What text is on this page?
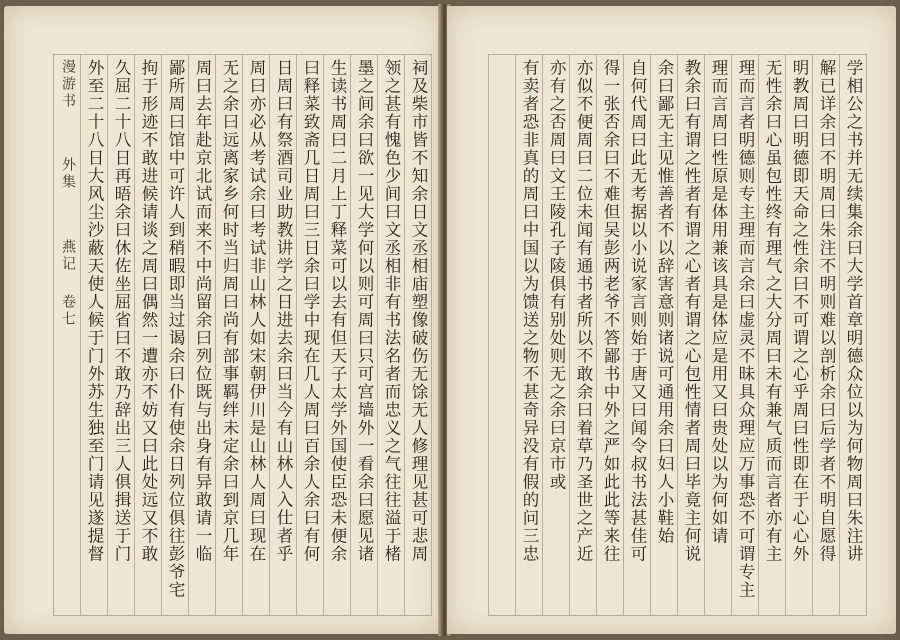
祠及柴市皆不知余日文丞相庙塑像破伤无馀无人修理见甚可悲周
领之甚有愧色少间曰文丞相非有书法名者而忠义之气往往溢于楮
墨之间余曰欲一见大学何以则可周曰只可宫墙外一看余曰愿见诸
生读书周曰二月上丁释菜可以去有但天子太学外国使臣恐未便余
曰释菜致斋几日周曰三日余曰学中现在几人周曰百余人余曰有何
日周曰有祭酒司业助教讲学之日进去余曰当今有山林人入仕者乎
周曰亦必从考试余曰考试非山林人如宋朝伊川是山林人周曰现在
无之余曰远离家乡何时当归周曰尚有部事羁绊未定余曰到京几年
周曰去年赴京北试而来不中尚留余曰列位既与出身有异敢请一临
鄙所周曰馆中可许人到稍暇即当过谒余曰仆有使余日列位俱往彭爷宅
拘于形迹不敢进候请谈之周曰偶然一遭亦不妨又曰此处远又不敢
久屈二十八日再晤余曰休佐坐屈省曰不敢乃辞出三人俱揖送于门
外至二十八日大风尘沙蔽天使人候于门外苏生独至门请见遂提督
漫游书 外集 燕记 卷七	学相公之书并无续集余曰大学首章明德众位以为何物周曰朱注讲
解已详余曰不明周曰朱注不明则难以剖析余曰后学者不明自愿得
明教周曰明德即天命之性余曰不可谓之心乎周曰性即在于心心外
无性余曰心虽包性终有理气之大分周曰未有兼气质而言者亦有主
理而言者明德则专主理而言余曰虚灵不昧具众理应万事恐不可谓专主
理而言周曰性原是体用兼该具是体应是用又曰贵处以为何如请
教余曰有谓之性者有谓之心者有谓之心包性情者周曰毕竟主何说
余曰鄙无主见惟善者不以辞害意则诸说可通用余曰妇人小鞋始
自何代周曰此无考据以小说家言则始于唐又曰闻令叔书法甚佳可
得一张否余曰不难但吴彭两老爷不答鄙书中外之严如此此等来往
亦似不便周曰二位未闻有通书者所以不敢余曰着草乃圣世之产近
亦有之否周曰文王陵孔子陵俱有别处则无之余曰京市或
有卖者恐非真的周曰中国以为馈送之物不甚奇异没有假的问三忠
